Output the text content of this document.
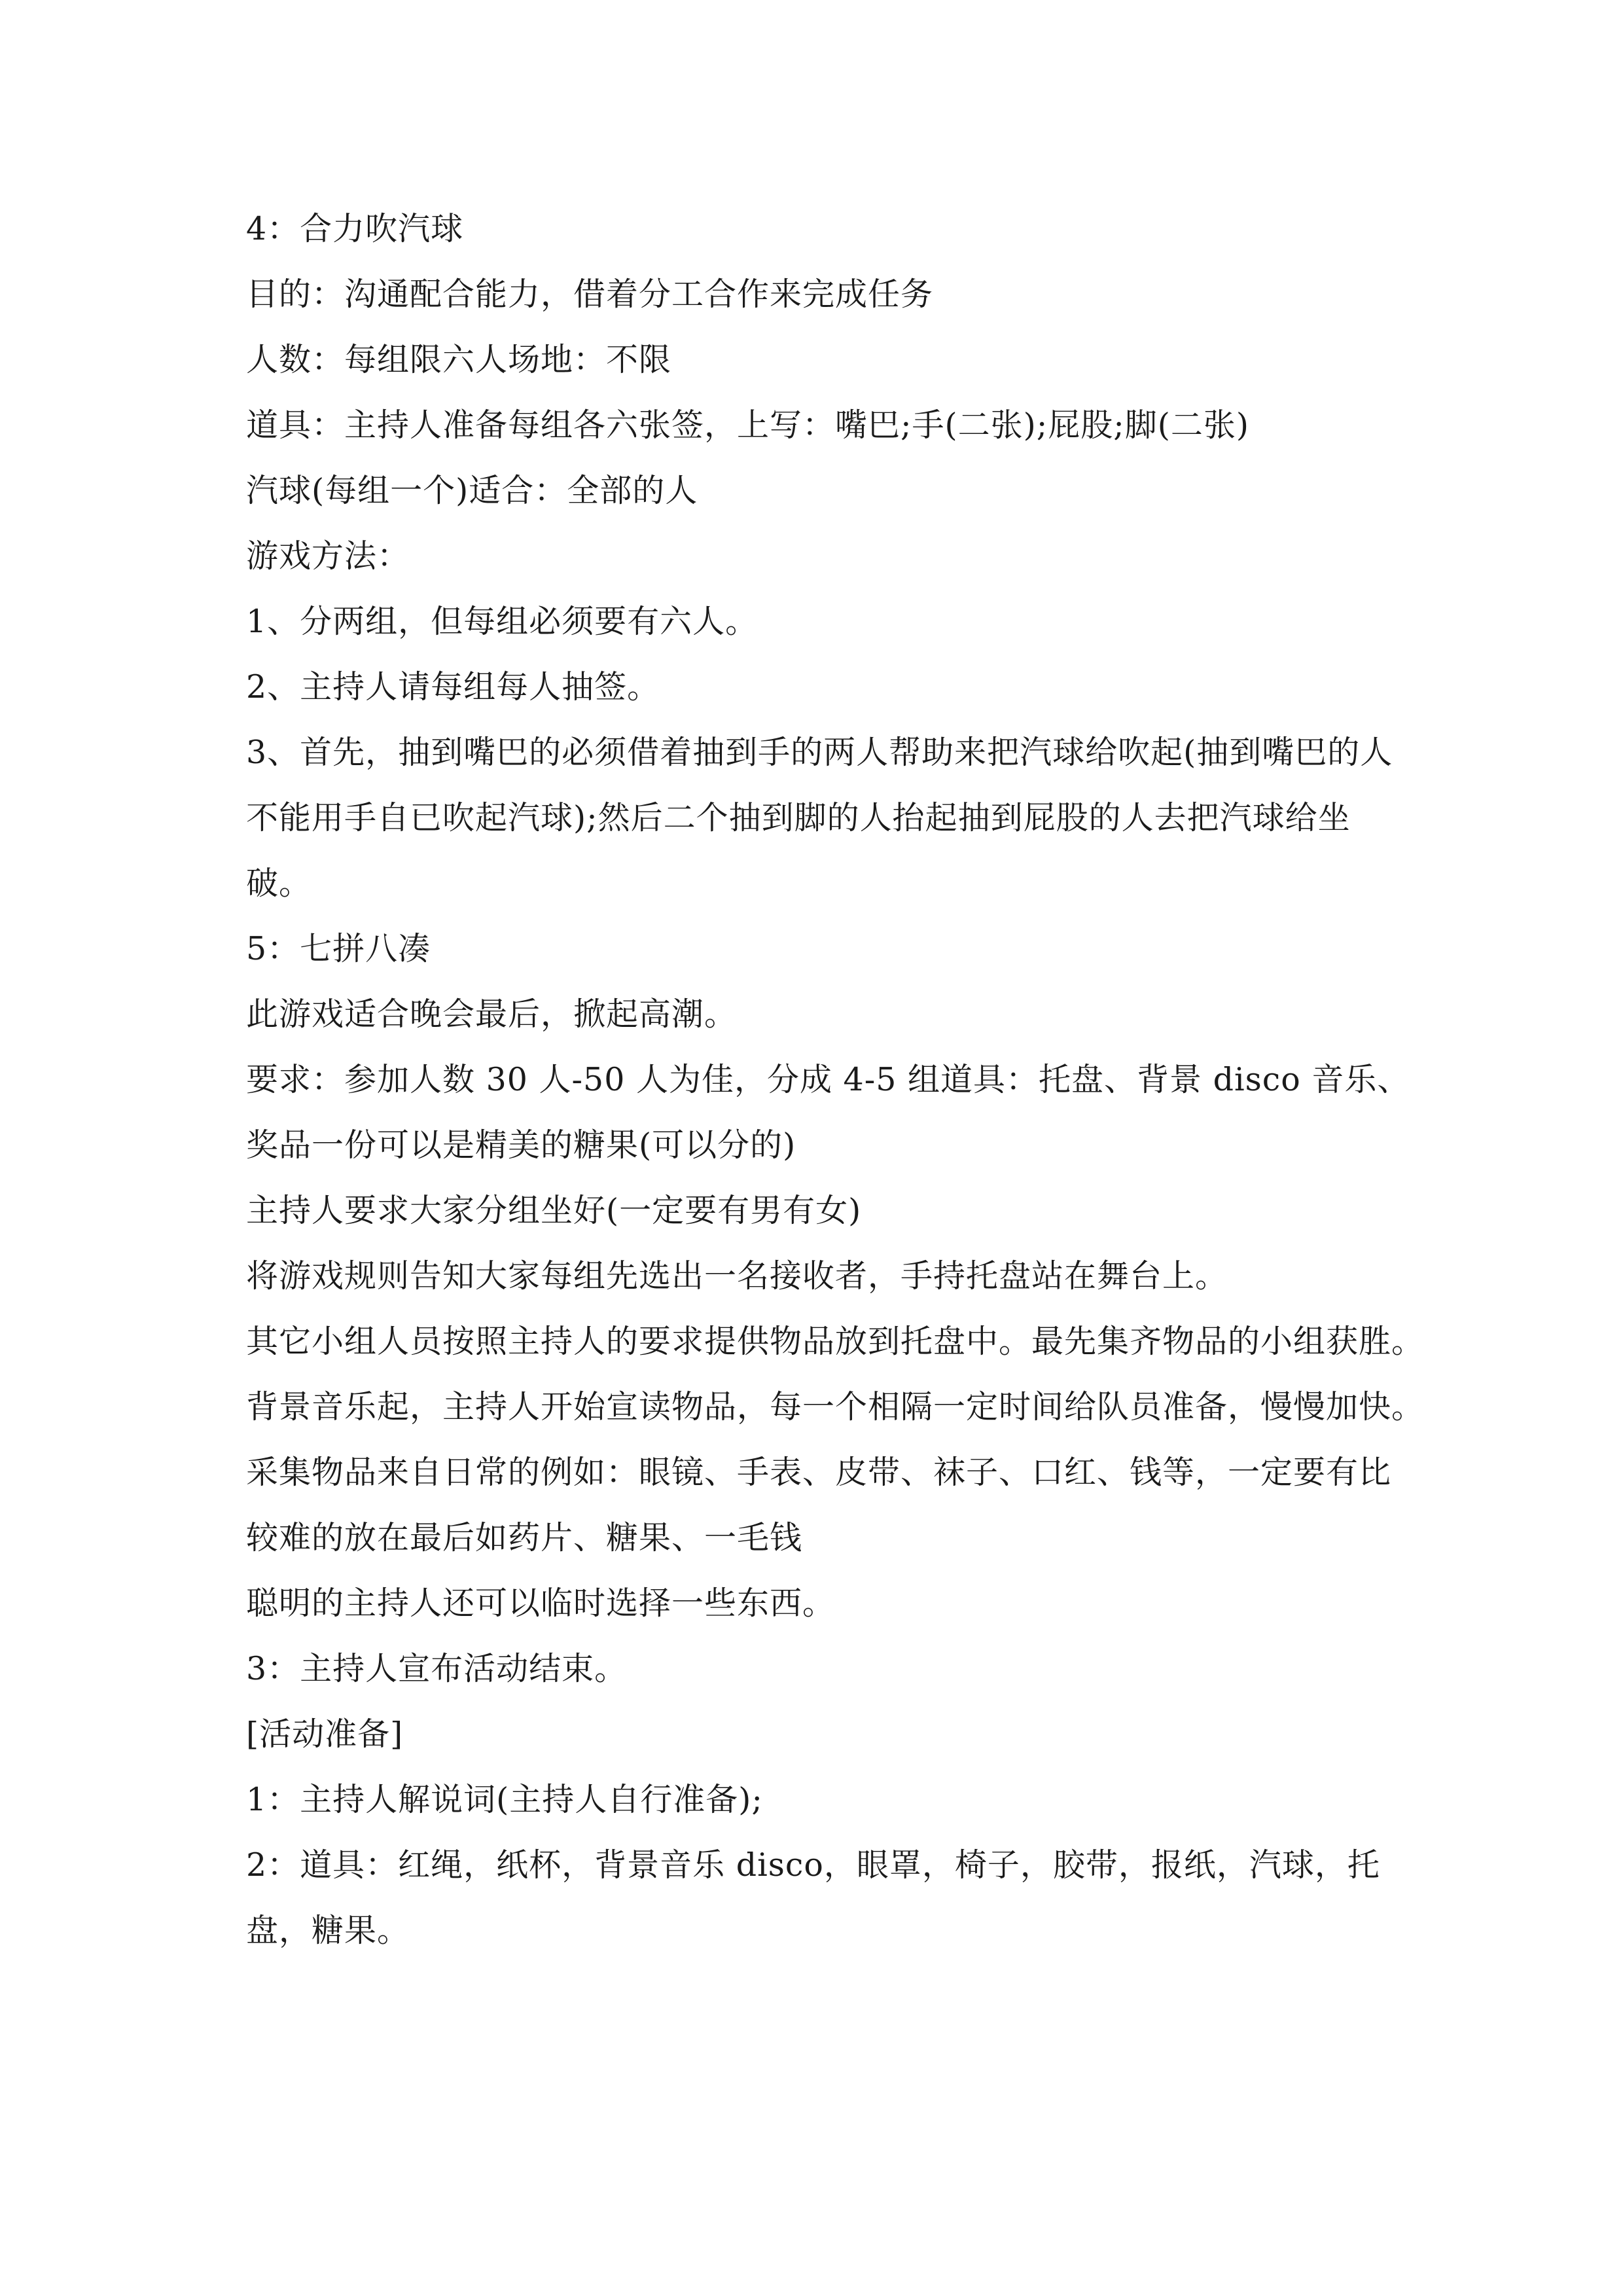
4：合力吹汽球
目的：沟通配合能力，借着分工合作来完成任务
人数：每组限六人场地：不限
道具：主持人准备每组各六张签，上写：嘴巴;手(二张);屁股;脚(二张)
汽球(每组一个)适合：全部的人
游戏方法：
1、分两组，但每组必须要有六人。
2、主持人请每组每人抽签。
3、首先，抽到嘴巴的必须借着抽到手的两人帮助来把汽球给吹起(抽到嘴巴的人
不能用手自已吹起汽球);然后二个抽到脚的人抬起抽到屁股的人去把汽球给坐
破。
5：七拼八凑
此游戏适合晚会最后，掀起高潮。
要求：参加人数 30 人-50 人为佳，分成 4-5 组道具：托盘、背景 disco 音乐、
奖品一份可以是精美的糖果(可以分的)
主持人要求大家分组坐好(一定要有男有女)
将游戏规则告知大家每组先选出一名接收者，手持托盘站在舞台上。
其它小组人员按照主持人的要求提供物品放到托盘中。最先集齐物品的小组获胜。
背景音乐起，主持人开始宣读物品，每一个相隔一定时间给队员准备，慢慢加快。
采集物品来自日常的例如：眼镜、手表、皮带、袜子、口红、钱等，一定要有比
较难的放在最后如药片、糖果、一毛钱
聪明的主持人还可以临时选择一些东西。
3：主持人宣布活动结束。
[活动准备]
1：主持人解说词(主持人自行准备);
2：道具：红绳，纸杯，背景音乐 disco，眼罩，椅子，胶带，报纸，汽球，托
盘，糖果。
